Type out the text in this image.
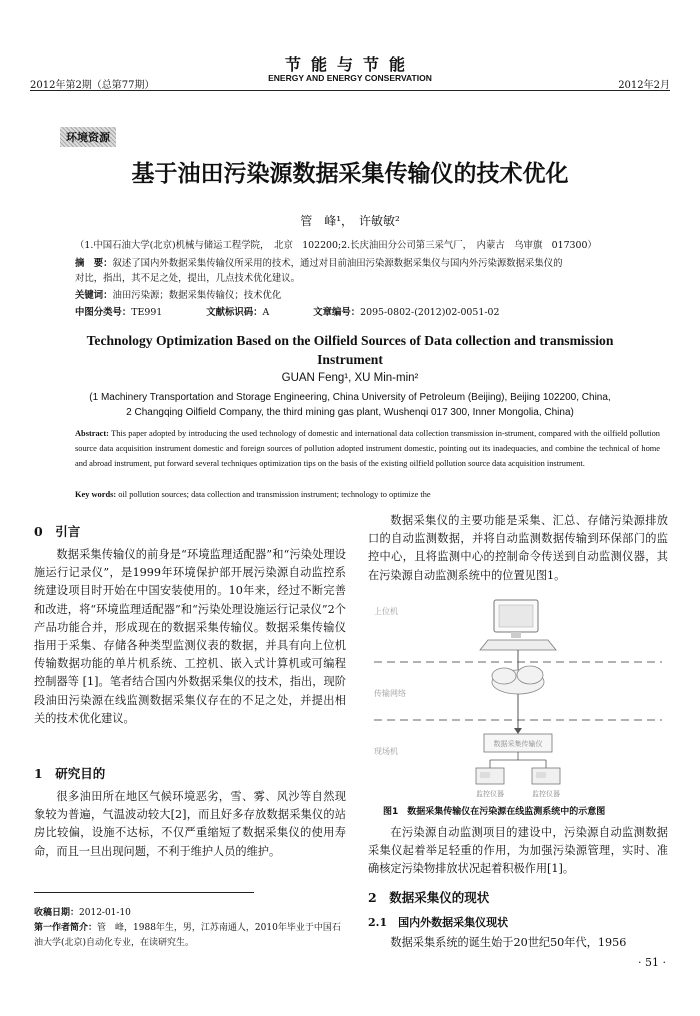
2012年第2期（总第77期）
节能与节能
ENERGY AND ENERGY CONSERVATION
2012年2月
环境资源
基于油田污染源数据采集传输仪的技术优化
管　峰¹，　许敏敏²
（1.中国石油大学(北京)机械与储运工程学院，　北京　102200;2.长庆油田分公司第三采气厂，　内蒙古　乌审旗　017300）
摘　要：叙述了国内外数据采集传输仪所采用的技术，通过对目前油田污染源数据采集仪与国内外污染源数据采集仪的
对比，指出，其不足之处，提出，几点技术优化建议。
关键词：油田污染源；数据采集传输仪；技术优化
中图分类号：TE991	文献标识码：A	文章编号：2095-0802-(2012)02-0051-02
Technology Optimization Based on the Oilfield Sources of Data collection and transmission Instrument
GUAN Feng¹, XU Min-min²
(1 Machinery Transportation and Storage Engineering, China University of Petroleum (Beijing), Beijing 102200, China,
2 Changqing Oilfield Company, the third mining gas plant, Wushenqi 017 300, Inner Mongolia, China)
Abstract: This paper adopted by introducing the used technology of domestic and international data collection transmission in-strument, compared with the oilfield pollution source data acquisition instrument domestic and foreign sources of pollution adopted instrument domestic, pointing out its inadequacies, and combine the technical of home and abroad instrument, put forward several techniques optimization tips on the basis of the existing oilfield pollution source data acquisition instrument.
Key words: oil pollution sources; data collection and transmission instrument; technology to optimize the
0　引言
数据采集传输仪的前身是“环境监理适配器”和“污染处理设施运行记录仪”，是1999年环境保护部开展污染源自动监控系统建设项目时开始在中国安装使用的。10年来，经过不断完善和改进，将“环境监理适配器”和“污染处理设施运行记录仪”2个产品功能合并，形成现在的数据采集传输仪。数据采集传输仪指用于采集、存储各种类型监测仪表的数据，并具有向上位机传输数据功能的单片机系统、工控机、嵌入式计算机或可编程控制器等 [1]。笔者结合国内外数据采集仪的技术，指出，现阶段油田污染源在线监测数据采集仪存在的不足之处，并提出相关的技术优化建议。
1　研究目的
很多油田所在地区气候环境恶劣，雪、雾、风沙等自然现象较为普遍，气温波动较大[2]，而且好多存放数据采集仪的站房比较偏，设施不达标，不仅严重缩短了数据采集仪的使用寿命，而且一旦出现问题，不利于维护人员的维护。
收稿日期：2012-01-10
第一作者简介：管　峰，1988年生，男，江苏南通人，2010年毕业于中国石油大学(北京)自动化专业，在读研究生。
数据采集仪的主要功能是采集、汇总、存储污染源排放口的自动监测数据，并将自动监测数据传输到环保部门的监控中心，且将监测中心的控制命令传送到自动监测仪器，其在污染源自动监测系统中的位置见图1。
上位机
传输网络
现场机
数据采集传输仪
监控仪器	监控仪器
图1　数据采集传输仪在污染源在线监测系统中的示意图
在污染源自动监测项目的建设中，污染源自动监测数据采集仪起着举足轻重的作用，为加强污染源管理，实时、准确核定污染物排放状况起着积极作用[1]。
2　数据采集仪的现状
2.1　国内外数据采集仪现状
数据采集系统的诞生始于20世纪50年代，1956
· 51 ·
